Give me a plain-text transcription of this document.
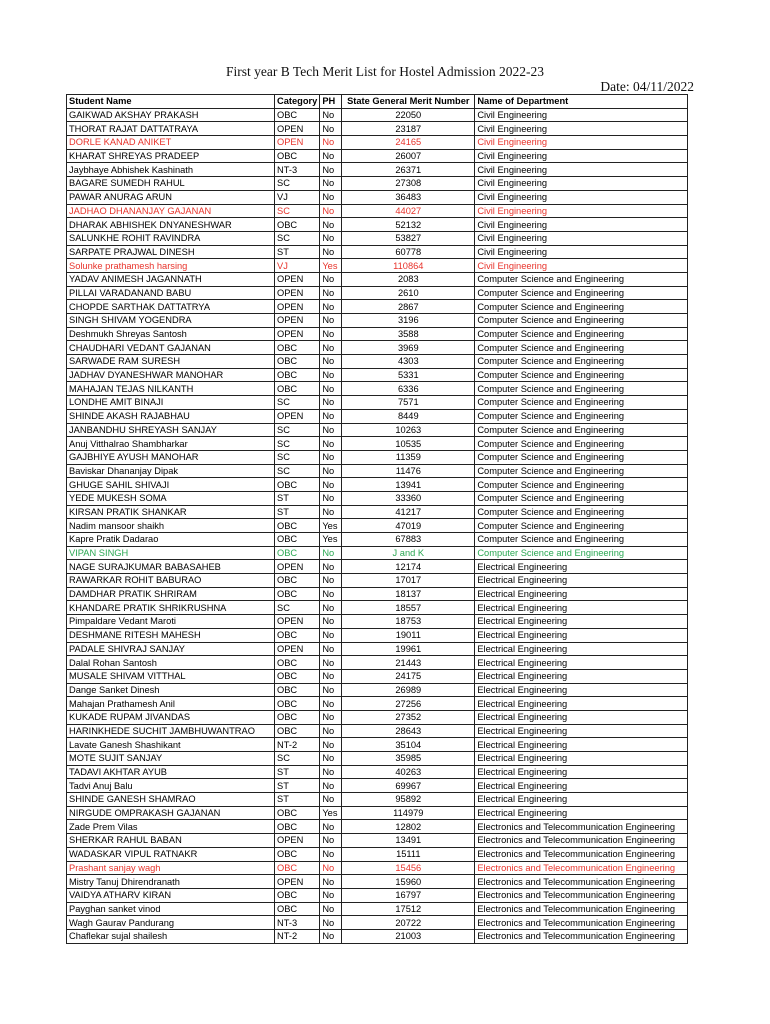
First year B Tech Merit List for Hostel Admission 2022-23
Date: 04/11/2022
Student Name	Category	PH	State General Merit Number	Name of Department
GAIKWAD AKSHAY PRAKASH	OBC	No	22050	Civil Engineering
THORAT RAJAT DATTATRAYA	OPEN	No	23187	Civil Engineering
DORLE KANAD ANIKET	OPEN	No	24165	Civil Engineering
KHARAT SHREYAS PRADEEP	OBC	No	26007	Civil Engineering
Jaybhaye Abhishek Kashinath	NT-3	No	26371	Civil Engineering
BAGARE SUMEDH RAHUL	SC	No	27308	Civil Engineering
PAWAR ANURAG ARUN	VJ	No	36483	Civil Engineering
JADHAO DHANANJAY GAJANAN	SC	No	44027	Civil Engineering
DHARAK ABHISHEK DNYANESHWAR	OBC	No	52132	Civil Engineering
SALUNKHE ROHIT RAVINDRA	SC	No	53827	Civil Engineering
SARPATE PRAJWAL DINESH	ST	No	60778	Civil Engineering
Solunke prathamesh harsing	VJ	Yes	110864	Civil Engineering
YADAV ANIMESH JAGANNATH	OPEN	No	2083	Computer Science and Engineering
PILLAI VARADANAND BABU	OPEN	No	2610	Computer Science and Engineering
CHOPDE SARTHAK DATTATRYA	OPEN	No	2867	Computer Science and Engineering
SINGH SHIVAM YOGENDRA	OPEN	No	3196	Computer Science and Engineering
Deshmukh Shreyas Santosh	OPEN	No	3588	Computer Science and Engineering
CHAUDHARI VEDANT GAJANAN	OBC	No	3969	Computer Science and Engineering
SARWADE RAM SURESH	OBC	No	4303	Computer Science and Engineering
JADHAV DYANESHWAR MANOHAR	OBC	No	5331	Computer Science and Engineering
MAHAJAN TEJAS NILKANTH	OBC	No	6336	Computer Science and Engineering
LONDHE AMIT BINAJI	SC	No	7571	Computer Science and Engineering
SHINDE AKASH RAJABHAU	OPEN	No	8449	Computer Science and Engineering
JANBANDHU SHREYASH SANJAY	SC	No	10263	Computer Science and Engineering
Anuj Vitthalrao Shambharkar	SC	No	10535	Computer Science and Engineering
GAJBHIYE AYUSH MANOHAR	SC	No	11359	Computer Science and Engineering
Baviskar Dhananjay Dipak	SC	No	11476	Computer Science and Engineering
GHUGE SAHIL SHIVAJI	OBC	No	13941	Computer Science and Engineering
YEDE MUKESH SOMA	ST	No	33360	Computer Science and Engineering
KIRSAN PRATIK SHANKAR	ST	No	41217	Computer Science and Engineering
Nadim mansoor shaikh	OBC	Yes	47019	Computer Science and Engineering
Kapre Pratik Dadarao	OBC	Yes	67883	Computer Science and Engineering
VIPAN SINGH	OBC	No	J and K	Computer Science and Engineering
NAGE SURAJKUMAR BABASAHEB	OPEN	No	12174	Electrical Engineering
RAWARKAR ROHIT BABURAO	OBC	No	17017	Electrical Engineering
DAMDHAR PRATIK SHRIRAM	OBC	No	18137	Electrical Engineering
KHANDARE PRATIK SHRIKRUSHNA	SC	No	18557	Electrical Engineering
Pimpaldare Vedant Maroti	OPEN	No	18753	Electrical Engineering
DESHMANE RITESH MAHESH	OBC	No	19011	Electrical Engineering
PADALE SHIVRAJ SANJAY	OPEN	No	19961	Electrical Engineering
Dalal Rohan Santosh	OBC	No	21443	Electrical Engineering
MUSALE SHIVAM VITTHAL	OBC	No	24175	Electrical Engineering
Dange Sanket Dinesh	OBC	No	26989	Electrical Engineering
Mahajan Prathamesh Anil	OBC	No	27256	Electrical Engineering
KUKADE RUPAM JIVANDAS	OBC	No	27352	Electrical Engineering
HARINKHEDE SUCHIT JAMBHUWANTRAO	OBC	No	28643	Electrical Engineering
Lavate Ganesh Shashikant	NT-2	No	35104	Electrical Engineering
MOTE SUJIT SANJAY	SC	No	35985	Electrical Engineering
TADAVI AKHTAR AYUB	ST	No	40263	Electrical Engineering
Tadvi Anuj Balu	ST	No	69967	Electrical Engineering
SHINDE GANESH SHAMRAO	ST	No	95892	Electrical Engineering
NIRGUDE OMPRAKASH GAJANAN	OBC	Yes	114979	Electrical Engineering
Zade Prem Vilas	OBC	No	12802	Electronics and Telecommunication Engineering
SHERKAR RAHUL BABAN	OPEN	No	13491	Electronics and Telecommunication Engineering
WADASKAR VIPUL RATNAKR	OBC	No	15111	Electronics and Telecommunication Engineering
Prashant sanjay wagh	OBC	No	15456	Electronics and Telecommunication Engineering
Mistry Tanuj Dhirendranath	OPEN	No	15960	Electronics and Telecommunication Engineering
VAIDYA ATHARV KIRAN	OBC	No	16797	Electronics and Telecommunication Engineering
Payghan sanket vinod	OBC	No	17512	Electronics and Telecommunication Engineering
Wagh Gaurav Pandurang	NT-3	No	20722	Electronics and Telecommunication Engineering
Chaflekar sujal shailesh	NT-2	No	21003	Electronics and Telecommunication Engineering
